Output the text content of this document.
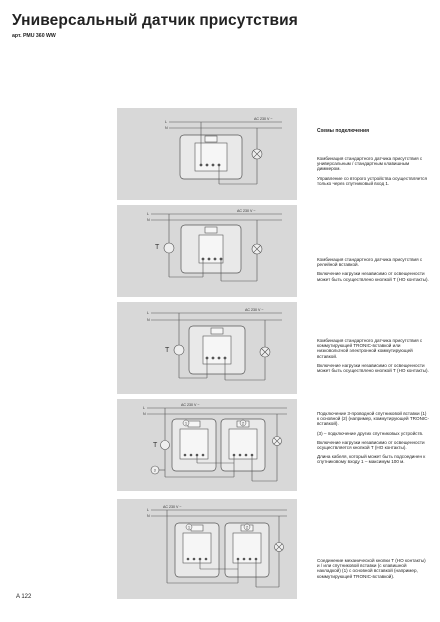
Универсальный датчик присутствия
арт. PMU 360 WW
L
N
AC 230 V ~
L
N
AC 230 V ~
T
L
N
AC 230 V ~
T
L
N
AC 230 V ~
T
3
1	2
L
N
AC 230 V ~
1	2
Схемы подключения

Комбинация стандартного датчика присутствия с универсальным / стандартным клавишным диммером.

Управление со второго устройства осуществляется только через спутниковый вход 1.

Комбинация стандартного датчика присутствия с релейной вставкой.

Включение нагрузки независимо от освещенности может быть осуществлено кнопкой T (НО контакты).

Комбинация стандартного датчика присутствия с коммутирующей TRONIC-вставкой или низковольтной электронной коммутирующей вставкой.

Включение нагрузки независимо от освещенности может быть осуществлено кнопкой T (НО контакты).

Подключение 3-проводной спутниковой вставки (1) к основной (2) (например, коммутирующей TRONIC-вставкой).

(3) – подключение других спутниковых устройств.

Включение нагрузки независимо от освещенности осуществляется кнопкой T (НО контакты).

Длина кабеля, который может быть подсоединен к спутниковому входу 1 – максимум 100 м.

Соединение механической кнопки T (НО контакты) и / или спутниковой вставки (с клавишной накладкой) (1) с основной вставкой (например, коммутирующей TRONIC-вставкой).

A 122
